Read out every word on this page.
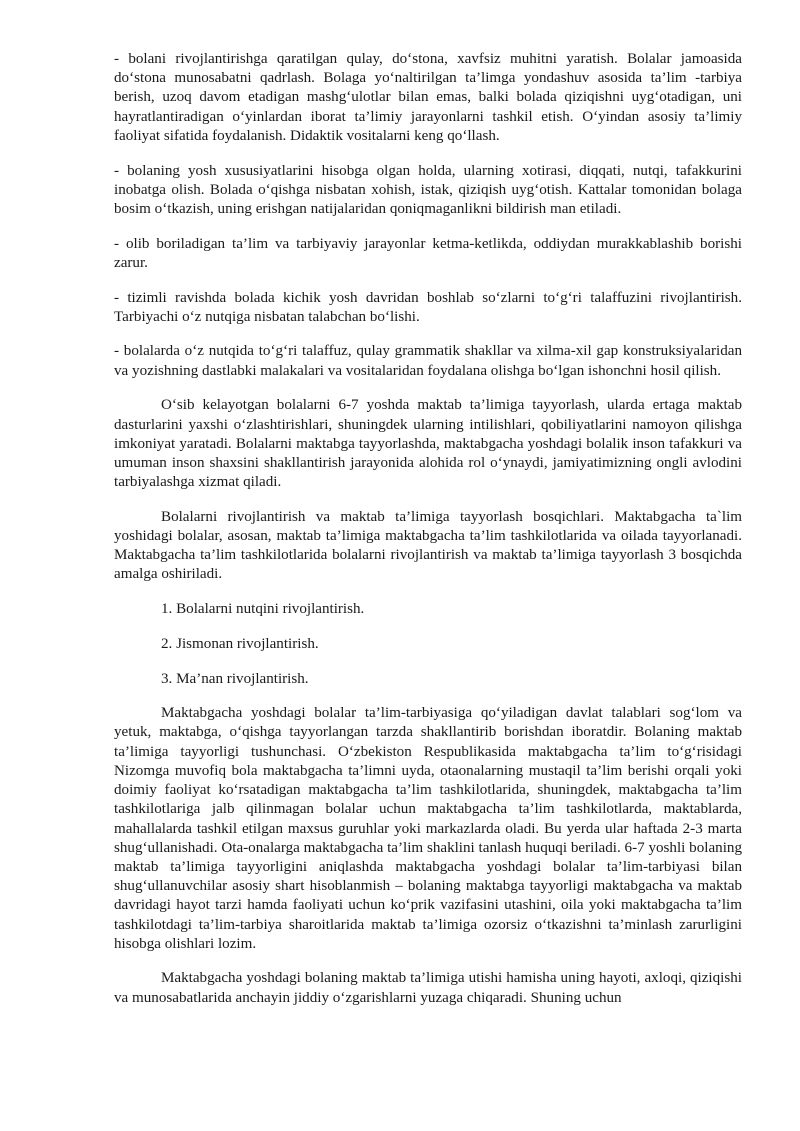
- bolani rivojlantirishga qaratilgan qulay, do‘stona, xavfsiz muhitni yaratish. Bolalar jamoasida do‘stona munosabatni qadrlash. Bolaga yo‘naltirilgan ta’limga yondashuv asosida ta’lim -tarbiya berish, uzoq davom etadigan mashg‘ulotlar bilan emas, balki bolada qiziqishni uyg‘otadigan, uni hayratlantiradigan o‘yinlardan iborat ta’limiy jarayonlarni tashkil etish. O‘yindan asosiy ta’limiy faoliyat sifatida foydalanish. Didaktik vositalarni keng qo‘llash.

- bolaning yosh xususiyatlarini hisobga olgan holda, ularning xotirasi, diqqati, nutqi, tafakkurini inobatga olish. Bolada o‘qishga nisbatan xohish, istak, qiziqish uyg‘otish. Kattalar tomonidan bolaga bosim o‘tkazish, uning erishgan natijalaridan qoniqmaganlikni bildirish man etiladi.

- olib boriladigan ta’lim va tarbiyaviy jarayonlar ketma-ketlikda, oddiydan murakkablashib borishi zarur.

- tizimli ravishda bolada kichik yosh davridan boshlab so‘zlarni to‘g‘ri talaffuzini rivojlantirish. Tarbiyachi o‘z nutqiga nisbatan talabchan bo‘lishi.

- bolalarda o‘z nutqida to‘g‘ri talaffuz, qulay grammatik shakllar va xilma-xil gap konstruksiyalaridan va yozishning dastlabki malakalari va vositalaridan foydalana olishga bo‘lgan ishonchni hosil qilish.

O‘sib kelayotgan bolalarni 6-7 yoshda maktab ta’limiga tayyorlash, ularda ertaga maktab dasturlarini yaxshi o‘zlashtirishlari, shuningdek ularning intilishlari, qobiliyatlarini namoyon qilishga imkoniyat yaratadi. Bolalarni maktabga tayyorlashda, maktabgacha yoshdagi bolalik inson tafakkuri va umuman inson shaxsini shakllantirish jarayonida alohida rol o‘ynaydi, jamiyatimizning ongli avlodini tarbiyalashga xizmat qiladi.

Bolalarni rivojlantirish va maktab ta’limiga tayyorlash bosqichlari. Maktabgacha ta`lim yoshidagi bolalar, asosan, maktab ta’limiga maktabgacha ta’lim tashkilotlarida va oilada tayyorlanadi. Maktabgacha ta’lim tashkilotlarida bolalarni rivojlantirish va maktab ta’limiga tayyorlash 3 bosqichda amalga oshiriladi.

1. Bolalarni nutqini rivojlantirish.

2. Jismonan rivojlantirish.

3. Ma’nan rivojlantirish.

Maktabgacha yoshdagi bolalar ta’lim-tarbiyasiga qo‘yiladigan davlat talablari sog‘lom va yetuk, maktabga, o‘qishga tayyorlangan tarzda shakllantirib borishdan iboratdir. Bolaning maktab ta’limiga tayyorligi tushunchasi. O‘zbekiston Respublikasida maktabgacha ta’lim to‘g‘risidagi Nizomga muvofiq bola maktabgacha ta’limni uyda, otaonalarning mustaqil ta’lim berishi orqali yoki doimiy faoliyat ko‘rsatadigan maktabgacha ta’lim tashkilotlarida, shuningdek, maktabgacha ta’lim tashkilotlariga jalb qilinmagan bolalar uchun maktabgacha ta’lim tashkilotlarda, maktablarda, mahallalarda tashkil etilgan maxsus guruhlar yoki markazlarda oladi. Bu yerda ular haftada 2-3 marta shug‘ullanishadi. Ota-onalarga maktabgacha ta’lim shaklini tanlash huquqi beriladi. 6-7 yoshli bolaning maktab ta’limiga tayyorligini aniqlashda maktabgacha yoshdagi bolalar ta’lim-tarbiyasi bilan shug‘ullanuvchilar asosiy shart hisoblanmish – bolaning maktabga tayyorligi maktabgacha va maktab davridagi hayot tarzi hamda faoliyati uchun ko‘prik vazifasini utashini, oila yoki maktabgacha ta’lim tashkilotdagi ta’lim-tarbiya sharoitlarida maktab ta’limiga ozorsiz o‘tkazishni ta’minlash zarurligini hisobga olishlari lozim.

Maktabgacha yoshdagi bolaning maktab ta’limiga utishi hamisha uning hayoti, axloqi, qiziqishi va munosabatlarida anchayin jiddiy o‘zgarishlarni yuzaga chiqaradi. Shuning uchun
